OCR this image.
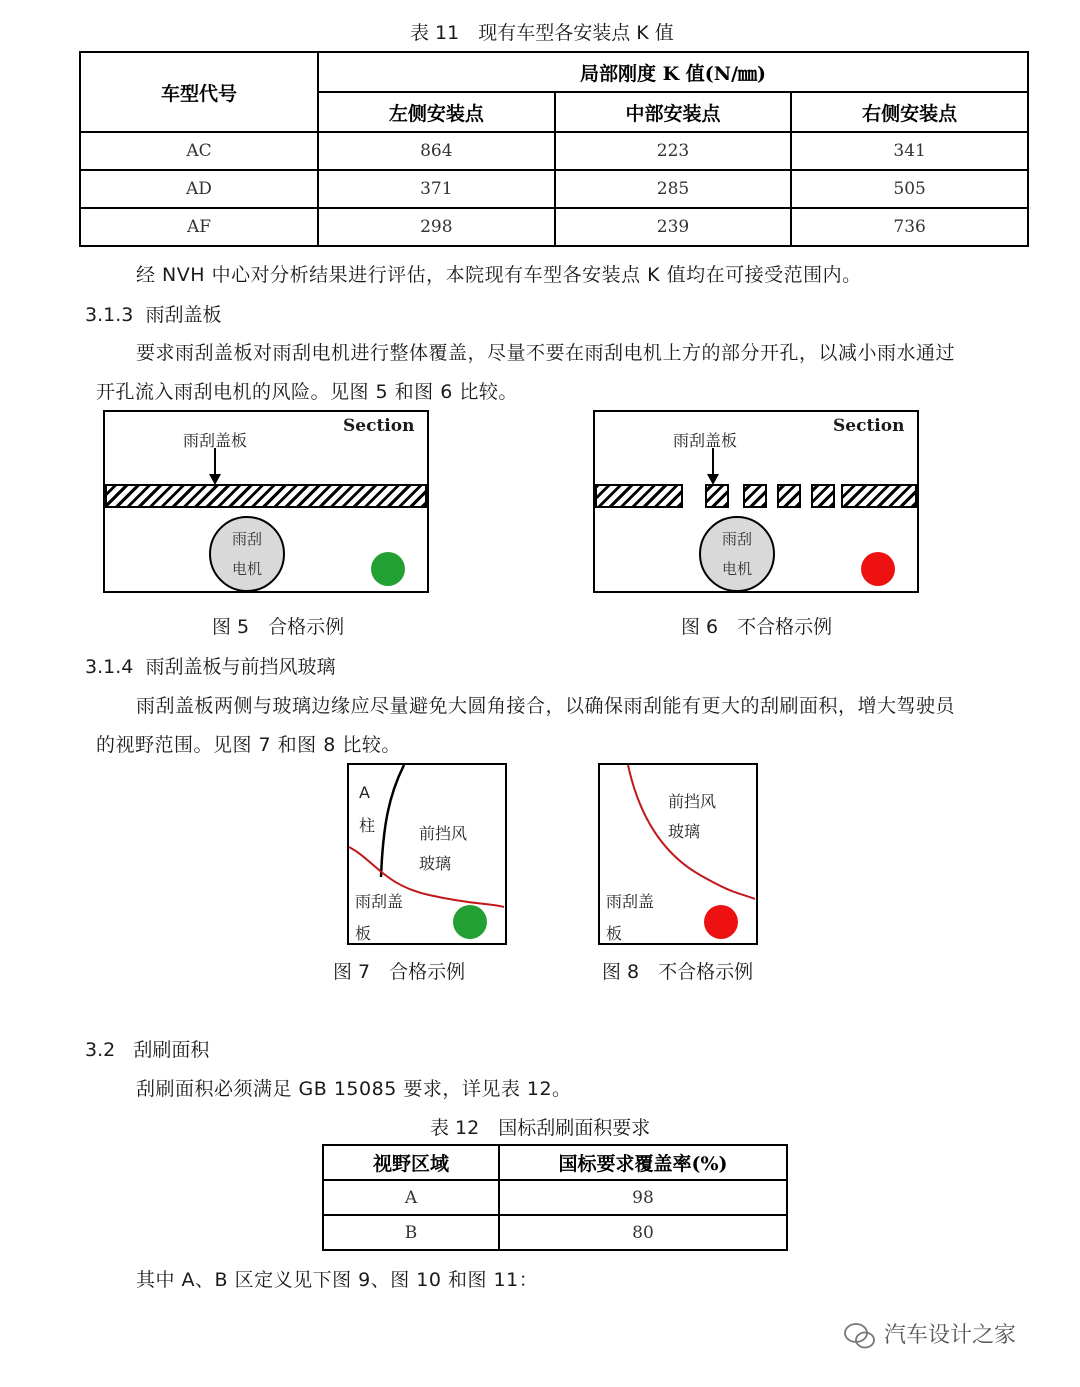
表 11　现有车型各安装点 K 值
车型代号	局部刚度 K 值(N/㎜)		
	左侧安装点	中部安装点	右侧安装点
AC	864	223	341
AD	371	285	505
AF	298	239	736
经 NVH 中心对分析结果进行评估，本院现有车型各安装点 K 值均在可接受范围内。
3.1.3 雨刮盖板
要求雨刮盖板对雨刮电机进行整体覆盖，尽量不要在雨刮电机上方的部分开孔，以减小雨水通过
开孔流入雨刮电机的风险。见图 5 和图 6 比较。
Section
雨刮盖板
雨刮
电机
图 5　合格示例
Section
雨刮盖板
雨刮
电机
图 6　不合格示例
3.1.4 雨刮盖板与前挡风玻璃
雨刮盖板两侧与玻璃边缘应尽量避免大圆角接合，以确保雨刮能有更大的刮刷面积，增大驾驶员
的视野范围。见图 7 和图 8 比较。
A
柱	前挡风
玻璃
雨刮盖
板
图 7　合格示例
前挡风
玻璃
雨刮盖
板
图 8　不合格示例
3.2 刮刷面积
刮刷面积必须满足 GB 15085 要求，详见表 12。
表 12　国标刮刷面积要求
视野区域	国标要求覆盖率(%)
A	98
B	80
其中 A、B 区定义见下图 9、图 10 和图 11：
汽车设计之家
